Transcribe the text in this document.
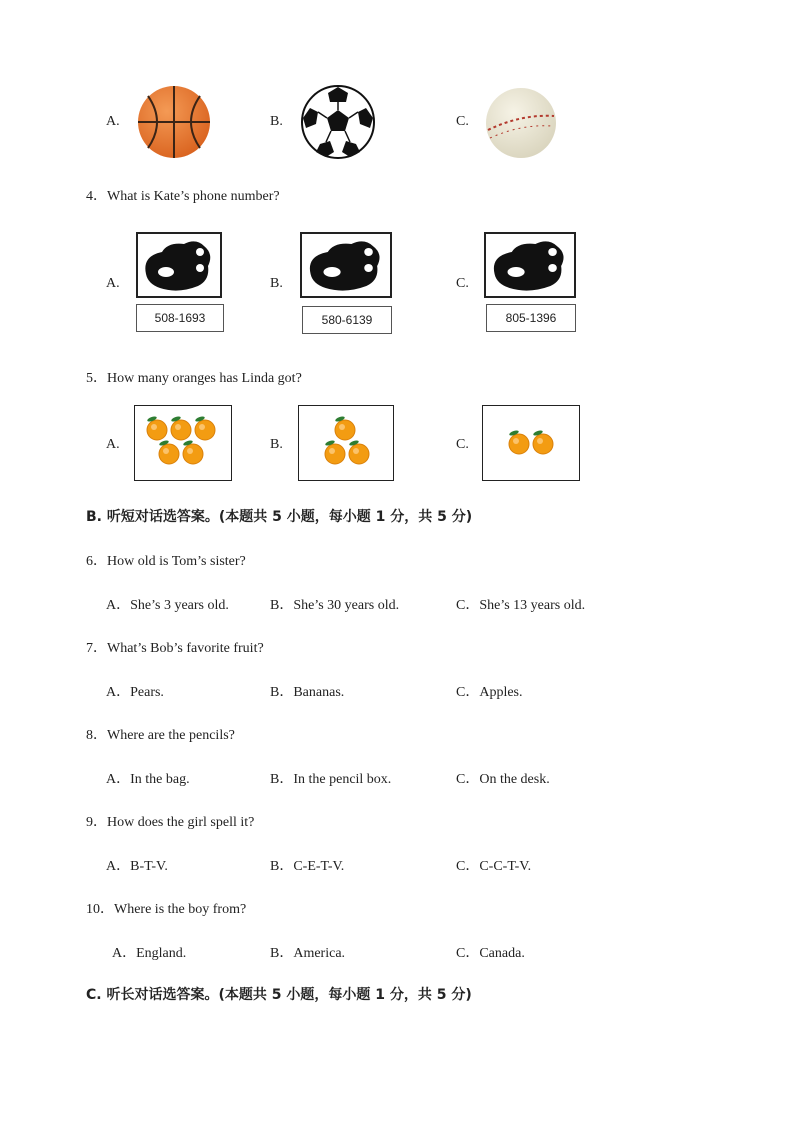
A.	B.	C.
4．What is Kate’s phone number?
A.
508-1693
B.
580-6139
C.
805-1396
5．How many oranges has Linda got?
A.	B.	C.
B. 听短对话选答案。(本题共 5 小题，每小题 1 分，共 5 分)
6．How old is Tom’s sister?
A．She’s 3 years old.	B．She’s 30 years old.	C．She’s 13 years old.
7．What’s Bob’s favorite fruit?
A．Pears.	B．Bananas.	C．Apples.
8．Where are the pencils?
A．In the bag.	B．In the pencil box.	C．On the desk.
9．How does the girl spell it?
A．B-T-V.	B．C-E-T-V.	C．C-C-T-V.
10．Where is the boy from?
A．England.	B．America.	C．Canada.
C. 听长对话选答案。(本题共 5 小题，每小题 1 分，共 5 分)
